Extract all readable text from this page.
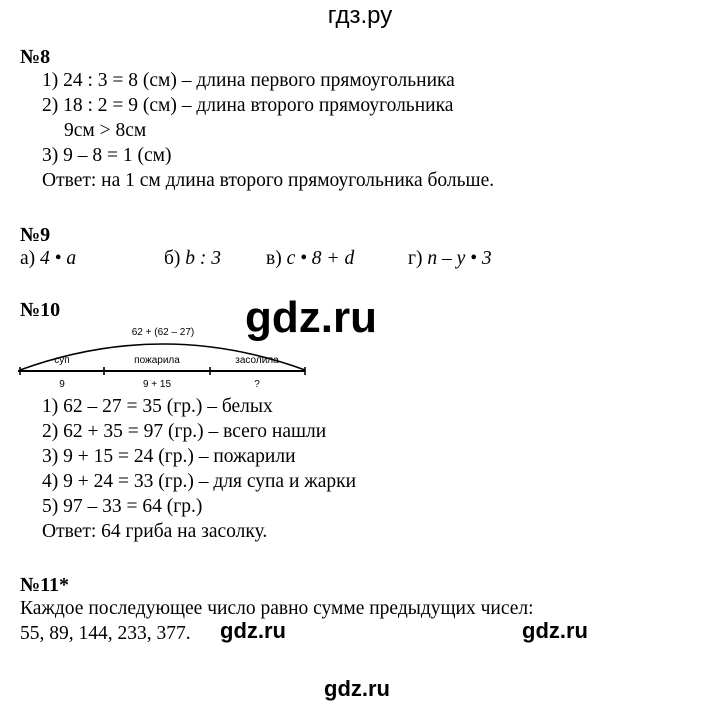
гдз.ру
№8
1) 24 : 3 = 8 (см) – длина первого прямоугольника
2) 18 : 2 = 9 (см) – длина второго прямоугольника
9см > 8см
3) 9 – 8 = 1 (см)
Ответ: на 1 см длина второго прямоугольника больше.
№9
а) 4 • a	б) b : 3 в) c • 8 + d	г) n – y • 3
№10	gdz.ru
62 + (62 – 27)
суп	пожарила	засолила
9	9 + 15	?
1) 62 – 27 = 35 (гр.) – белых
2) 62 + 35 = 97 (гр.) – всего нашли
3) 9 + 15 = 24 (гр.) – пожарили
4) 9 + 24 = 33 (гр.) – для супа и жарки
5) 97 – 33 = 64 (гр.)
Ответ: 64 гриба на засолку.
№11*
Каждое последующее число равно сумме предыдущих чисел:
55, 89, 144, 233, 377. gdz.ru	gdz.ru
gdz.ru
